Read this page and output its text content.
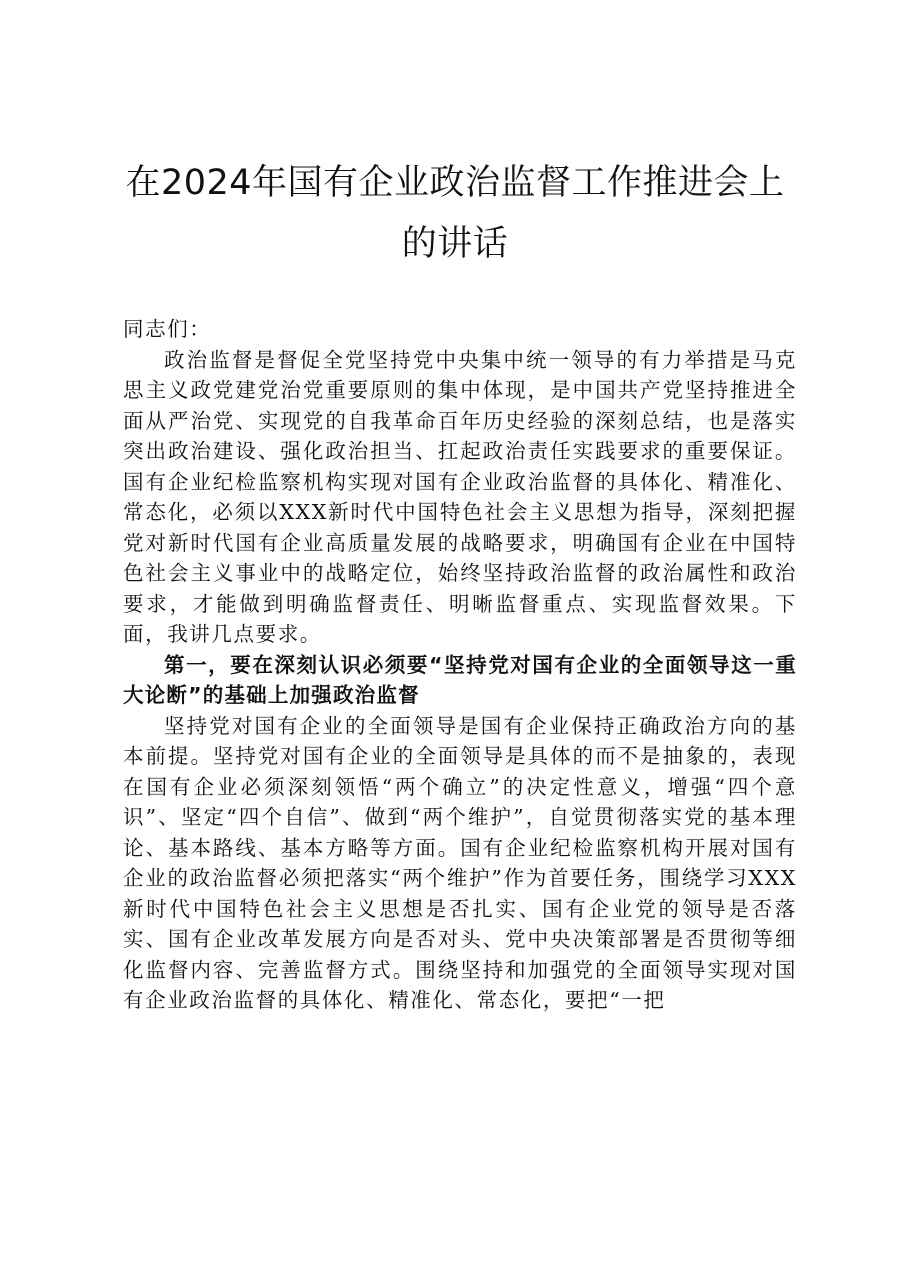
在2024年国有企业政治监督工作推进会上的讲话

同志们：

政治监督是督促全党坚持党中央集中统一领导的有力举措是马克思主义政党建党治党重要原则的集中体现，是中国共产党坚持推进全面从严治党、实现党的自我革命百年历史经验的深刻总结，也是落实突出政治建设、强化政治担当、扛起政治责任实践要求的重要保证。国有企业纪检监察机构实现对国有企业政治监督的具体化、精准化、常态化，必须以XXX新时代中国特色社会主义思想为指导，深刻把握党对新时代国有企业高质量发展的战略要求，明确国有企业在中国特色社会主义事业中的战略定位，始终坚持政治监督的政治属性和政治要求，才能做到明确监督责任、明晰监督重点、实现监督效果。下面，我讲几点要求。

第一，要在深刻认识必须要“坚持党对国有企业的全面领导这一重大论断”的基础上加强政治监督

坚持党对国有企业的全面领导是国有企业保持正确政治方向的基本前提。坚持党对国有企业的全面领导是具体的而不是抽象的，表现在国有企业必须深刻领悟“两个确立”的决定性意义，增强“四个意识”、坚定“四个自信”、做到“两个维护”，自觉贯彻落实党的基本理论、基本路线、基本方略等方面。国有企业纪检监察机构开展对国有企业的政治监督必须把落实“两个维护”作为首要任务，围绕学习XXX新时代中国特色社会主义思想是否扎实、国有企业党的领导是否落实、国有企业改革发展方向是否对头、党中央决策部署是否贯彻等细化监督内容、完善监督方式。围绕坚持和加强党的全面领导实现对国有企业政治监督的具体化、精准化、常态化，要把“一把
